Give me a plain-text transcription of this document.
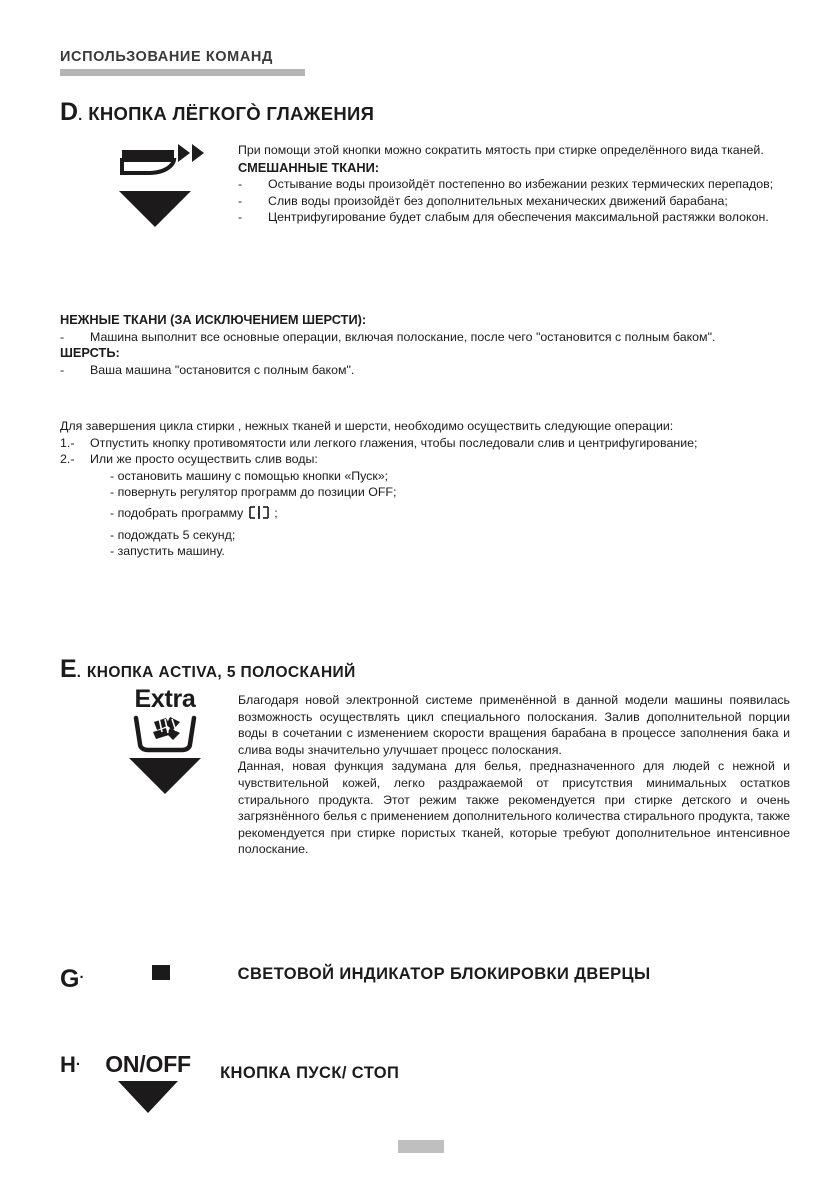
ИСПОЛЬЗОВАНИЕ КОМАНД
D . КНОПКА ЛЁГКОГÒ ГЛАЖЕНИЯ
При помощи этой кнопки можно сократить мятость при стирке определённого вида тканей.
СМЕШАННЫЕ ТКАНИ:
- Остывание воды произойдёт постепенно во избежании резких термических перепадов;
- Слив воды произойдёт без дополнительных механических движений барабана;
- Центрифугирование будет слабым для обеспечения максимальной растяжки волокон.
НЕЖНЫЕ ТКАНИ (ЗА ИСКЛЮЧЕНИЕМ ШЕРСТИ):
- Машина выполнит все основные операции, включая полоскание, после чего "остановится с полным баком".
ШЕРСТЬ:
- Ваша машина "остановится с полным баком".
Для завершения цикла стирки , нежных тканей и шерсти, необходимо осуществить следующие операции:
1.- Отпустить кнопку противомятости или легкого глажения, чтобы последовали слив и центрифугирование;
2.- Или же просто осуществить слив воды:
- остановить машину с помощью кнопки «Пуск»;
- повернуть регулятор программ до позиции OFF;
- подобрать программу ;
- подождать 5 секунд;
- запустить машину.
E . КНОПКА ACTIVA, 5 ПОЛОСКАНИЙ
Extra	Благодаря новой электронной системе применённой в данной модели машины появилась возможность осуществлять цикл специального полоскания. Залив дополнительной порции воды в сочетании с изменением скорости вращения барабана в процессе заполнения бака и слива воды значительно улучшает процесс полоскания.
Данная, новая функция задумана для белья, предназначенного для людей с нежной и чувствительной кожей, легко раздражаемой от присутствия минимальных остатков стирального продукта. Этот режим также рекомендуется при стирке детского и очень загрязнённого белья с применением дополнительного количества стирального продукта, также рекомендуется при стирке пористых тканей, которые требуют дополнительное интенсивное полоскание.
G .	СВЕТОВОЙ ИНДИКАТОР БЛОКИРОВКИ ДВЕРЦЫ
H .	ON/OFF	КНОПКА ПУСК/ СТОП
